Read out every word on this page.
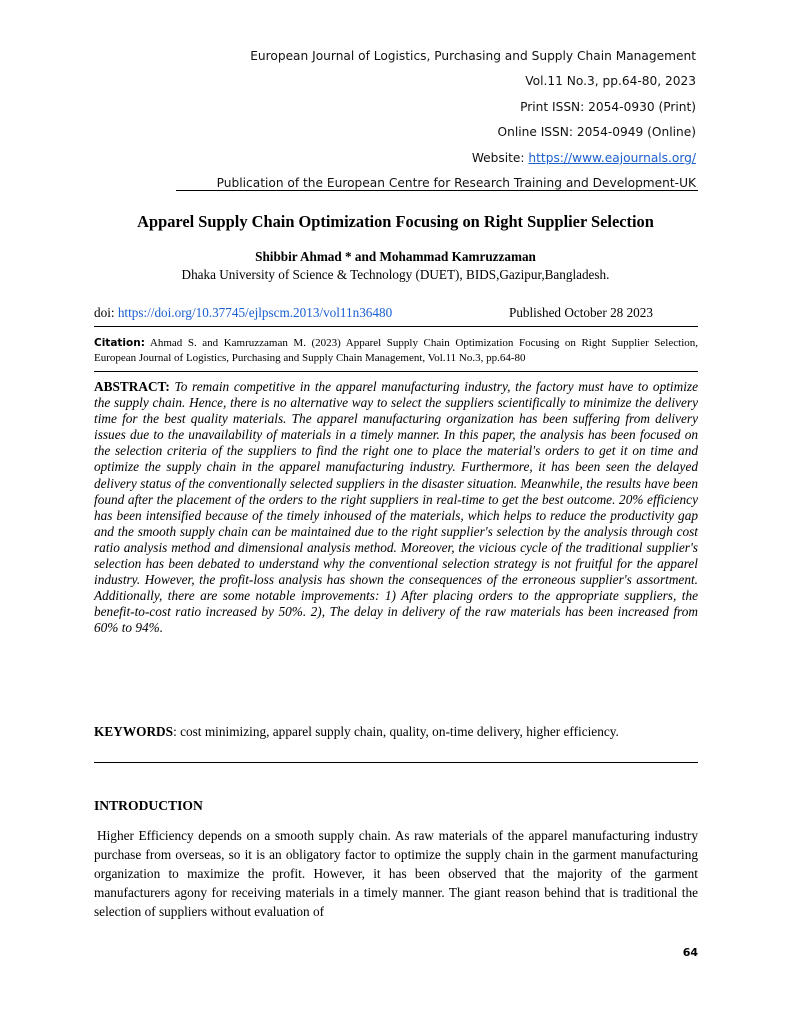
European Journal of Logistics, Purchasing and Supply Chain Management
Vol.11 No.3, pp.64-80, 2023
Print ISSN: 2054-0930 (Print)
Online ISSN: 2054-0949 (Online)
Website: https://www.eajournals.org/
Publication of the European Centre for Research Training and Development-UK
Apparel Supply Chain Optimization Focusing on Right Supplier Selection
Shibbir Ahmad * and Mohammad Kamruzzaman
Dhaka University of Science & Technology (DUET), BIDS,Gazipur,Bangladesh.
doi: https://doi.org/10.37745/ejlpscm.2013/vol11n36480	Published October 28 2023
Citation: Ahmad S. and Kamruzzaman M. (2023) Apparel Supply Chain Optimization Focusing on Right Supplier Selection, European Journal of Logistics, Purchasing and Supply Chain Management, Vol.11 No.3, pp.64-80
ABSTRACT: To remain competitive in the apparel manufacturing industry, the factory must have to optimize the supply chain. Hence, there is no alternative way to select the suppliers scientifically to minimize the delivery time for the best quality materials. The apparel manufacturing organization has been suffering from delivery issues due to the unavailability of materials in a timely manner. In this paper, the analysis has been focused on the selection criteria of the suppliers to find the right one to place the material's orders to get it on time and optimize the supply chain in the apparel manufacturing industry. Furthermore, it has been seen the delayed delivery status of the conventionally selected suppliers in the disaster situation. Meanwhile, the results have been found after the placement of the orders to the right suppliers in real-time to get the best outcome. 20% efficiency has been intensified because of the timely inhoused of the materials, which helps to reduce the productivity gap and the smooth supply chain can be maintained due to the right supplier's selection by the analysis through cost ratio analysis method and dimensional analysis method. Moreover, the vicious cycle of the traditional supplier's selection has been debated to understand why the conventional selection strategy is not fruitful for the apparel industry. However, the profit-loss analysis has shown the consequences of the erroneous supplier's assortment. Additionally, there are some notable improvements: 1) After placing orders to the appropriate suppliers, the benefit-to-cost ratio increased by 50%. 2), The delay in delivery of the raw materials has been increased from 60% to 94%.
KEYWORDS: cost minimizing, apparel supply chain, quality, on-time delivery, higher efficiency.
INTRODUCTION
Higher Efficiency depends on a smooth supply chain. As raw materials of the apparel manufacturing industry purchase from overseas, so it is an obligatory factor to optimize the supply chain in the garment manufacturing organization to maximize the profit. However, it has been observed that the majority of the garment manufacturers agony for receiving materials in a timely manner. The giant reason behind that is traditional the selection of suppliers without evaluation of
64
